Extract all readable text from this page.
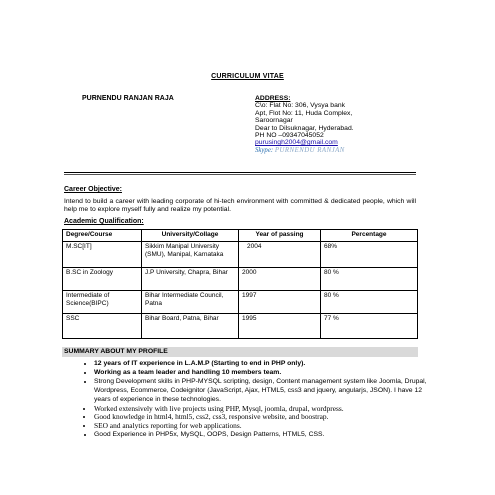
CURRICULUM VITAE
PURNENDU RANJAN RAJA	ADDRESS:
C\o: Flat No: 306, Vysya bank
Apt, Flot No: 11, Huda Complex,
Saroornagar
Dear to Dilsuknagar, Hyderabad.
PH NO –09347045052
purusingh2004@gmail.com
Skype: PURNENDU RANJAN
Career Objective:
Intend to build a career with leading corporate of hi-tech environment with committed & dedicated people, which will help me to explore myself fully and realize my potential.
Academic Qualification:
Degree/Course	University/Collage	Year of passing	Percentage
M.SC[IT]	Sikkim Manipal University (SMU), Manipal, Karnataka	2004	68%
B.SC in Zoology	J.P University, Chapra, Bihar	2000	80 %
Intermediate of Science(BIPC)	Bihar Intermediate Council, Patna	1997	80 %
SSC	Bihar Board, Patna, Bihar	1995	77 %
SUMMARY ABOUT MY PROFILE
• 12 years of IT experience in L.A.M.P (Starting to end in PHP only).
• Working as a team leader and handling 10 members team.
• Strong Development skills in PHP-MYSQL scripting, design, Content management system like Joomla, Drupal, Wordpress, Ecommerce, Codeignitor (JavaScript, Ajax, HTML5, css3 and jquery, angularjs, JSON). I have 12 years of experience in these technologies.
• Worked extensively with live projects using PHP, Mysql, joomla, drupal, wordpress.
• Good knowledge in html4, html5, css2, css3, responsive website, and boostrap.
• SEO and analytics reporting for web applications.
• Good Experience in PHP5x, MySQL, OOPS, Design Patterns, HTML5, CSS.
